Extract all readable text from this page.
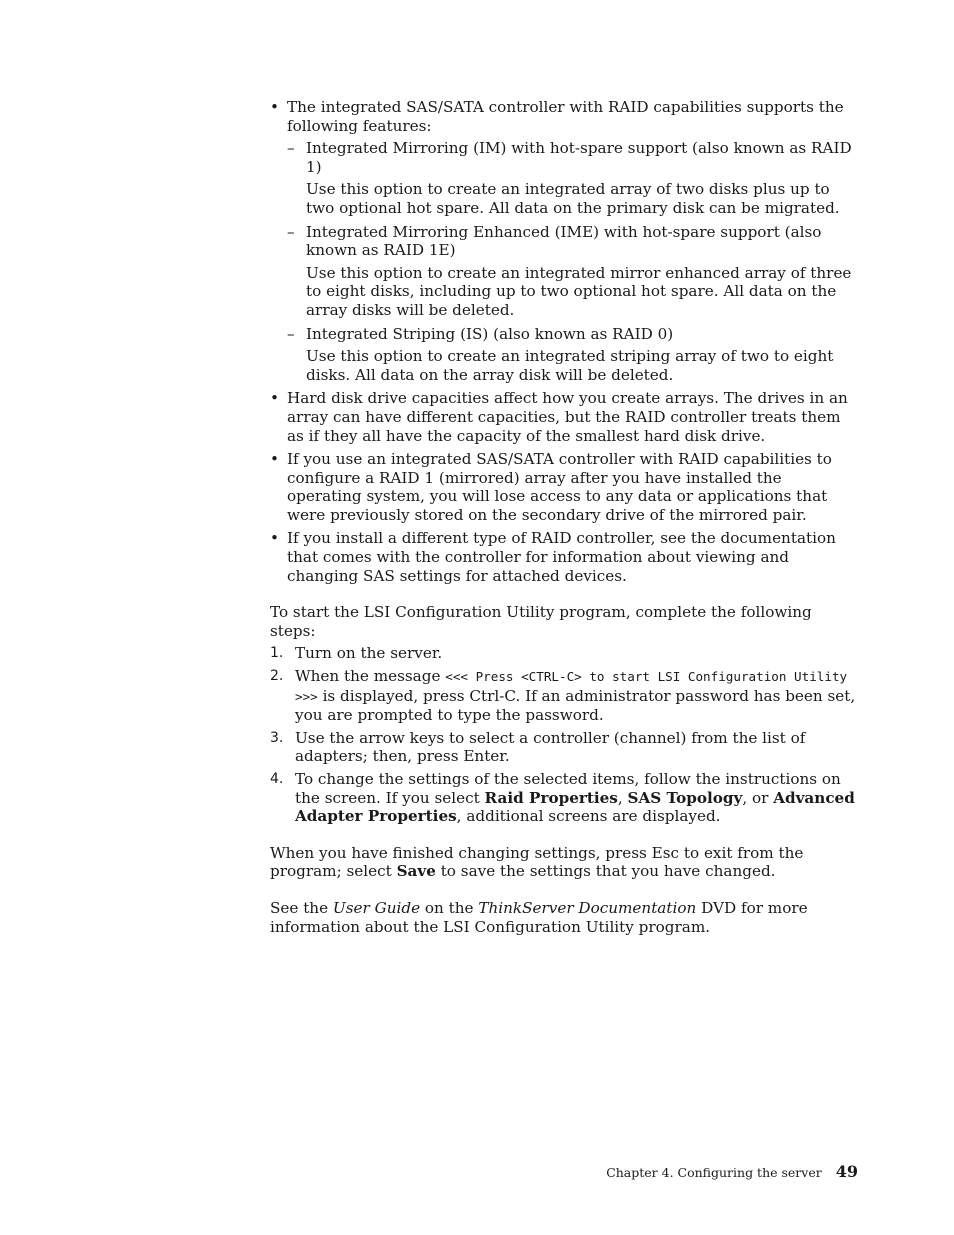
• The integrated SAS/SATA controller with RAID capabilities supports the following features:

– Integrated Mirroring (IM) with hot-spare support (also known as RAID 1)

Use this option to create an integrated array of two disks plus up to two optional hot spare. All data on the primary disk can be migrated.

– Integrated Mirroring Enhanced (IME) with hot-spare support (also known as RAID 1E)

Use this option to create an integrated mirror enhanced array of three to eight disks, including up to two optional hot spare. All data on the array disks will be deleted.

– Integrated Striping (IS) (also known as RAID 0)

Use this option to create an integrated striping array of two to eight disks. All data on the array disk will be deleted.

• Hard disk drive capacities affect how you create arrays. The drives in an array can have different capacities, but the RAID controller treats them as if they all have the capacity of the smallest hard disk drive.

• If you use an integrated SAS/SATA controller with RAID capabilities to configure a RAID 1 (mirrored) array after you have installed the operating system, you will lose access to any data or applications that were previously stored on the secondary drive of the mirrored pair.

• If you install a different type of RAID controller, see the documentation that comes with the controller for information about viewing and changing SAS settings for attached devices.

To start the LSI Configuration Utility program, complete the following steps:

1. Turn on the server.
2. When the message <<< Press <CTRL-C> to start LSI Configuration Utility >>> is displayed, press Ctrl-C. If an administrator password has been set, you are prompted to type the password.
3. Use the arrow keys to select a controller (channel) from the list of adapters; then, press Enter.
4. To change the settings of the selected items, follow the instructions on the screen. If you select Raid Properties, SAS Topology, or Advanced Adapter Properties, additional screens are displayed.

When you have finished changing settings, press Esc to exit from the program; select Save to save the settings that you have changed.

See the User Guide on the ThinkServer Documentation DVD for more information about the LSI Configuration Utility program.

Chapter 4. Configuring the server 49
